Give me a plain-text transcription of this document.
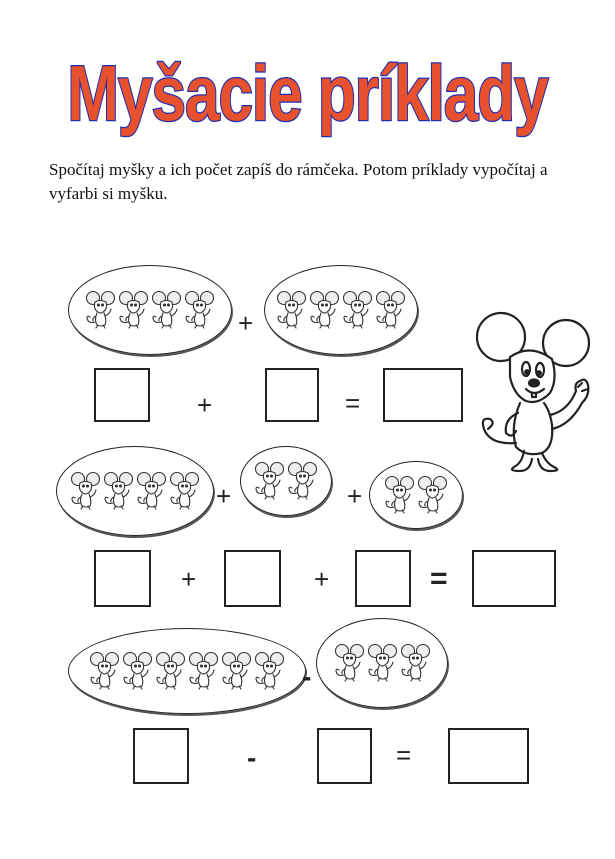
Myšacie príklady
Spočítaj myšky a ich počet zapíš do rámčeka. Potom príklady vypočítaj a vyfarbi si myšku.
+
+	=
+	+
+	+	=
-
-	=
